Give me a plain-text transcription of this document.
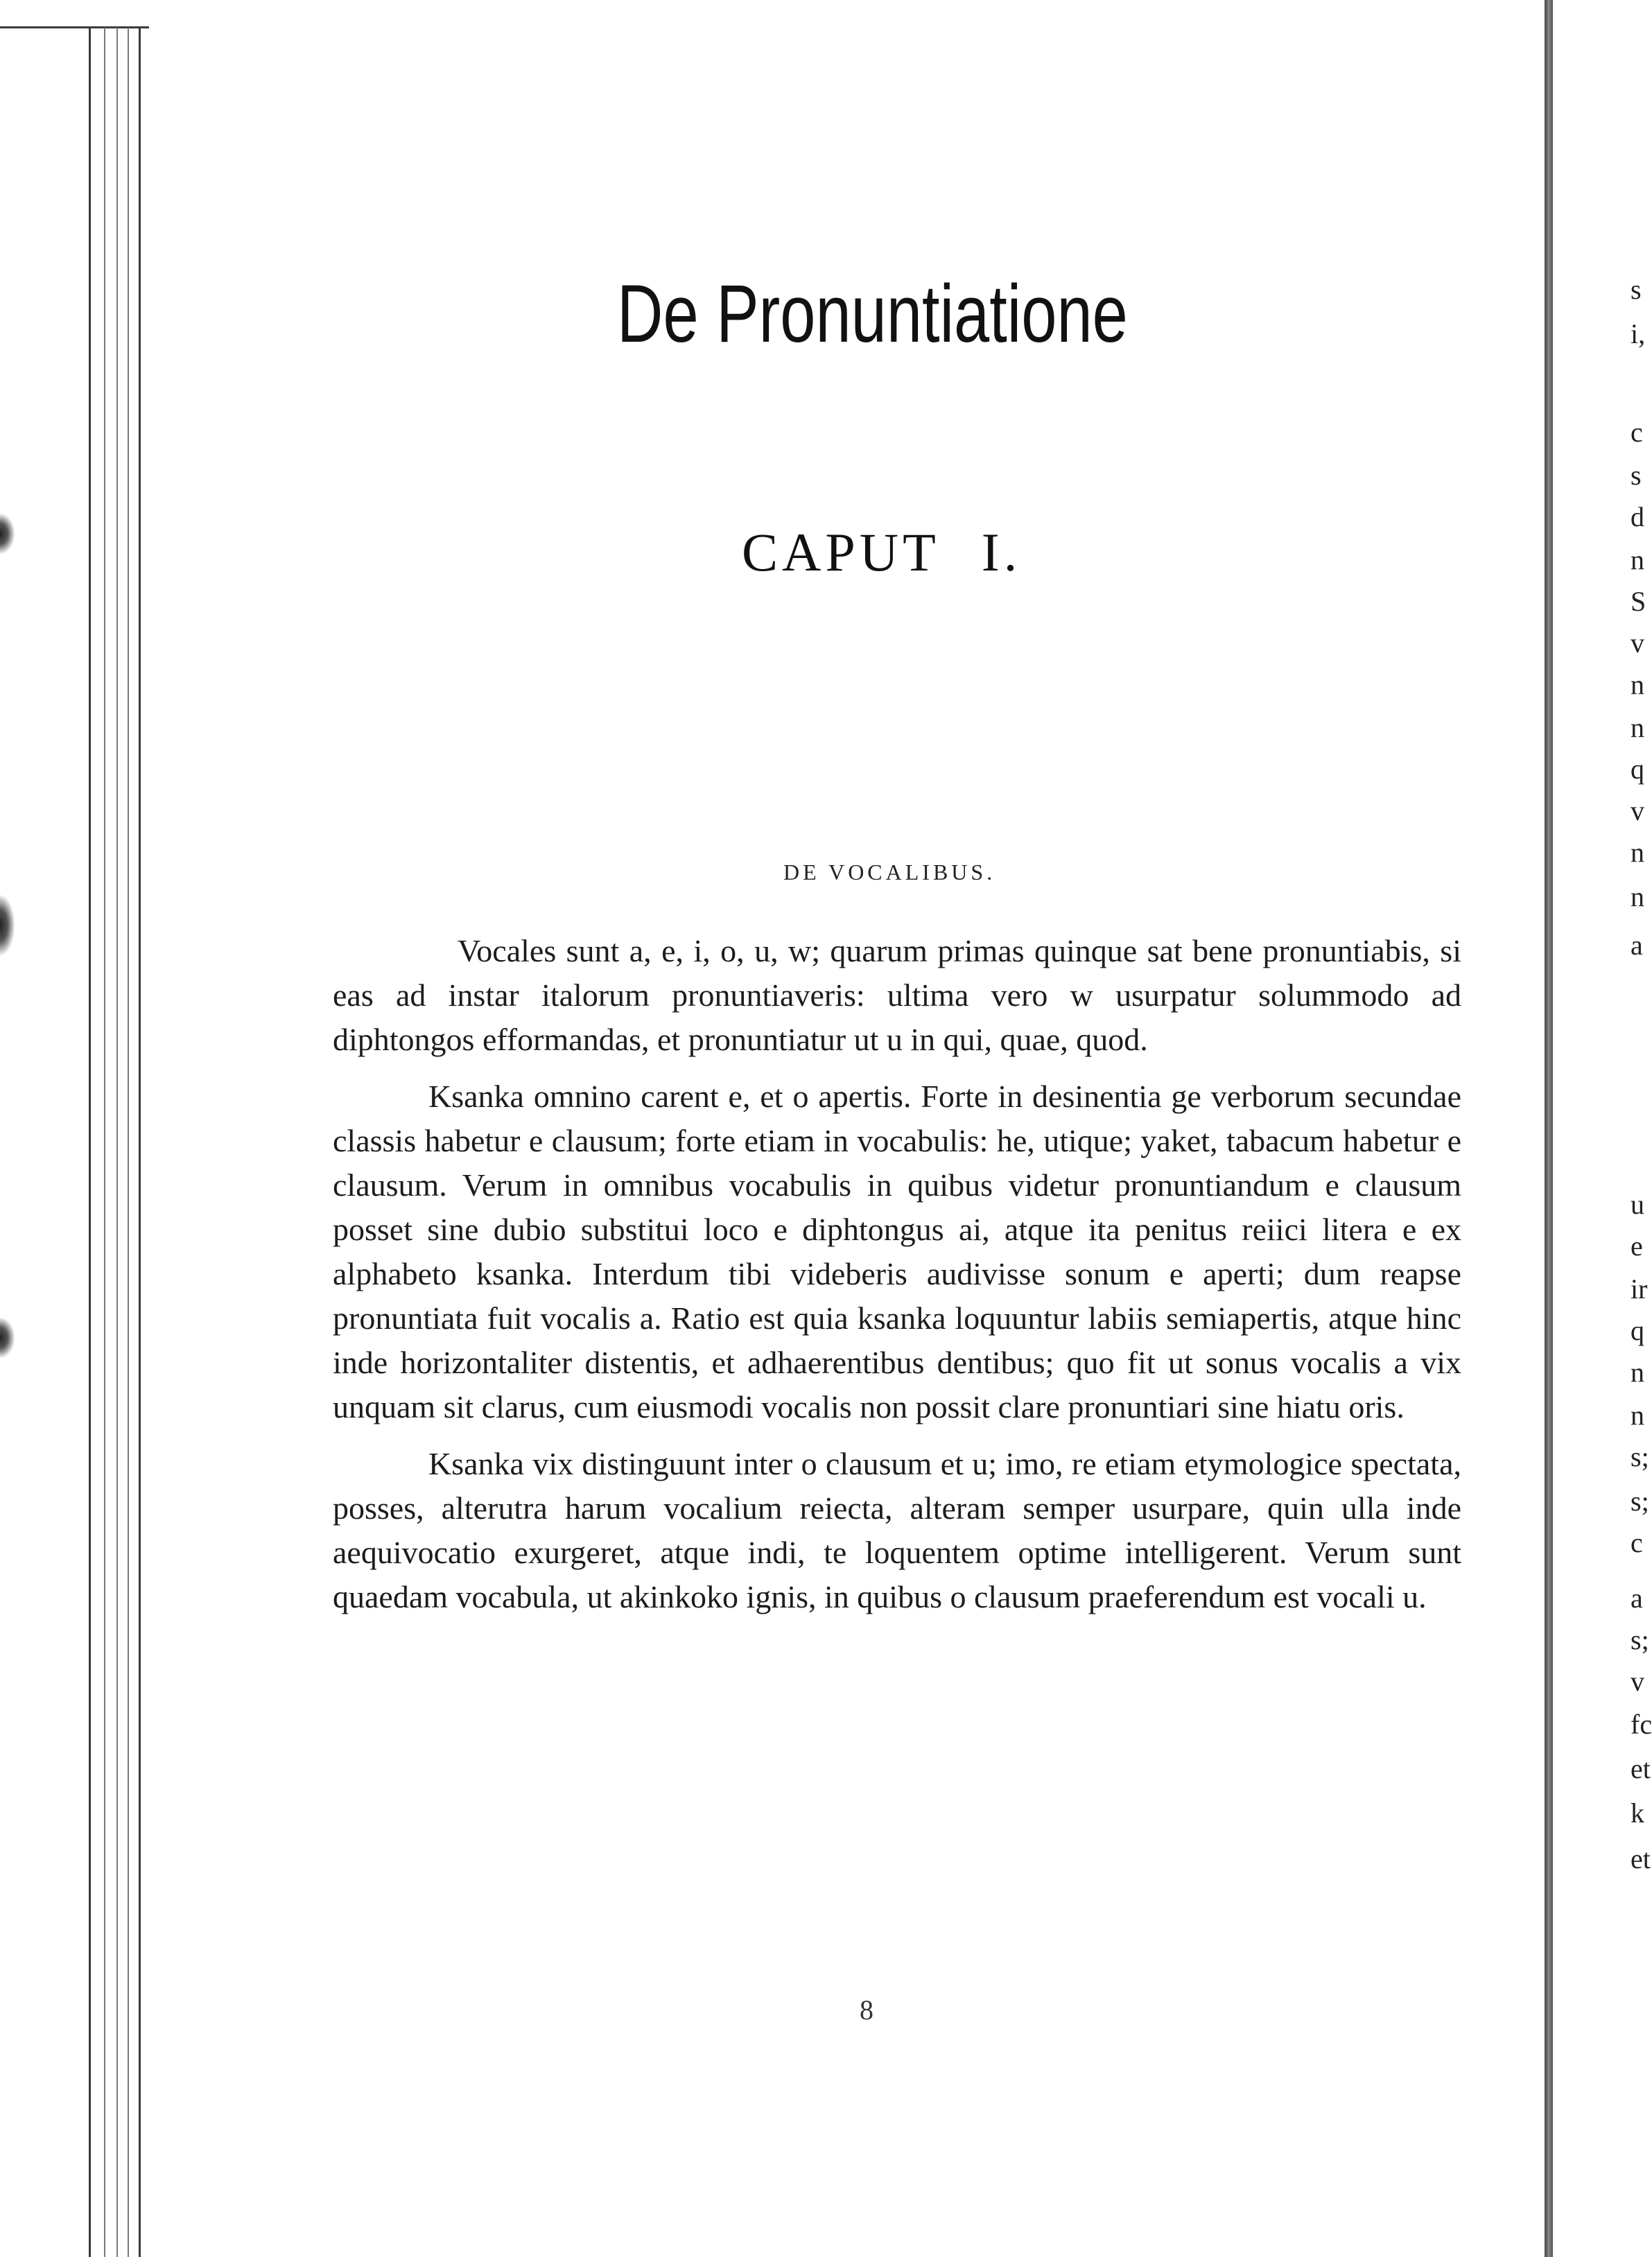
s
i,
c
s
d
n
S
v
n
n
q
v
n
n
a
u
e
ir
q
n
n
s;
s;
c
a
s;
v
fc
et
k
et
CAPUT I.
De Pronuntiatione
DE VOCALIBUS.

Vocales sunt a, e, i, o, u, w; quarum primas quinque sat bene pronuntiabis, si eas ad instar italorum pronuntiaveris: ultima vero w usurpatur solummodo ad diphtongos efformandas, et pronuntiatur ut u in qui, quae, quod.

Ksanka omnino carent e, et o apertis. Forte in desinentia ge verborum secundae classis habetur e clausum; forte etiam in vocabulis: he, utique; yaket, tabacum habetur e clausum. Verum in omnibus vocabulis in quibus videtur pronuntiandum e clausum posset sine dubio substitui loco e diphtongus ai, atque ita penitus reiici litera e ex alphabeto ksanka. Interdum tibi videberis audivisse sonum e aperti; dum reapse pronuntiata fuit vocalis a. Ratio est quia ksanka loquuntur labiis semiapertis, atque hinc inde horizontaliter distentis, et adhaerentibus dentibus; quo fit ut sonus vocalis a vix unquam sit clarus, cum eiusmodi vocalis non possit clare pronuntiari sine hiatu oris.

Ksanka vix distinguunt inter o clausum et u; imo, re etiam etymologice spectata, posses, alterutra harum vocalium reiecta, alteram semper usurpare, quin ulla inde aequivocatio exurgeret, atque indi, te loquentem optime intelligerent. Verum sunt quaedam vocabula, ut akinkoko ignis, in quibus o clausum praeferendum est vocali u.

8
